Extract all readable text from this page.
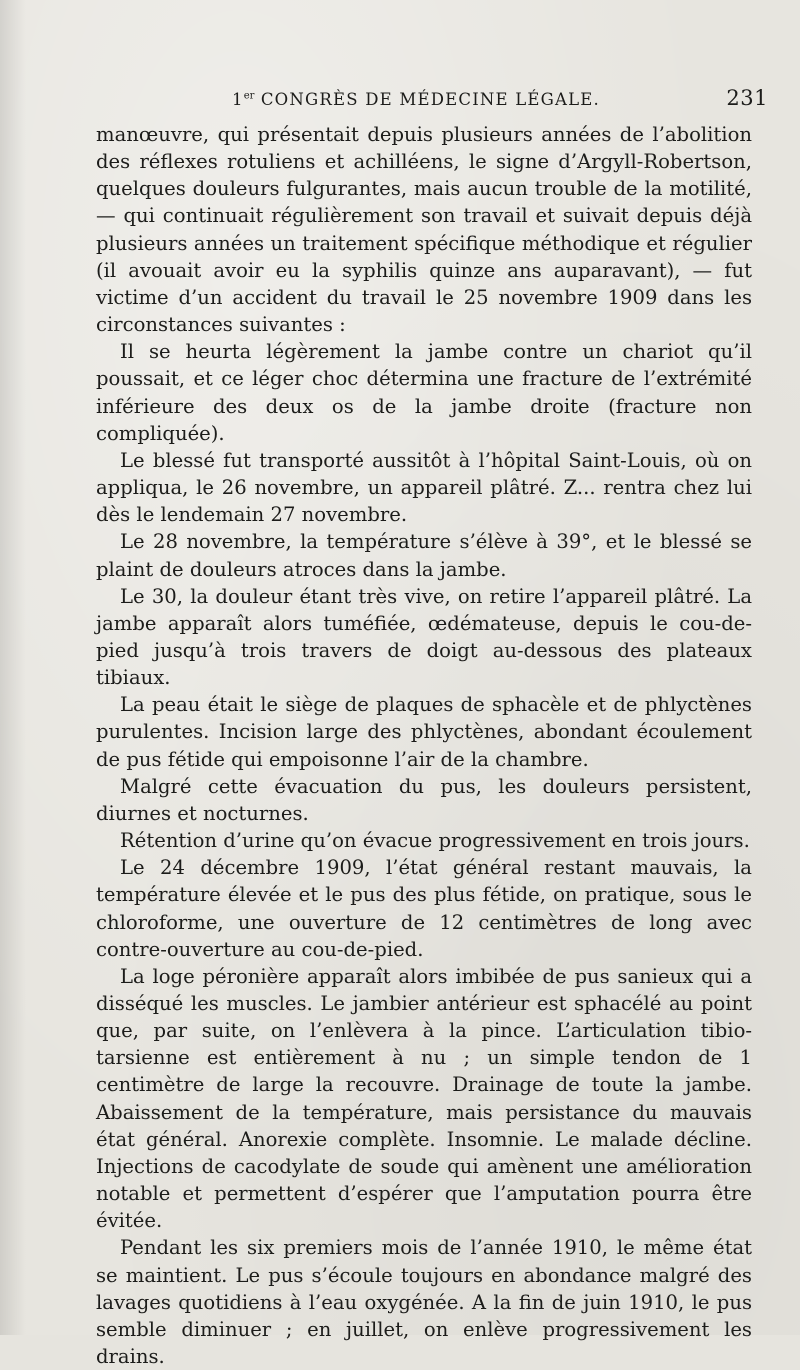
1er CONGRÈS DE MÉDECINE LÉGALE.	231

manœuvre, qui présentait depuis plusieurs années de l’abolition des réflexes rotuliens et achilléens, le signe d’Argyll-Robertson, quelques douleurs fulgurantes, mais aucun trouble de la motilité, — qui continuait régulièrement son travail et suivait depuis déjà plusieurs années un traitement spécifique méthodique et régulier (il avouait avoir eu la syphilis quinze ans auparavant), — fut victime d’un accident du travail le 25 novembre 1909 dans les circonstances suivantes :

Il se heurta légèrement la jambe contre un chariot qu’il poussait, et ce léger choc détermina une fracture de l’extrémité inférieure des deux os de la jambe droite (fracture non compliquée).

Le blessé fut transporté aussitôt à l’hôpital Saint-Louis, où on appliqua, le 26 novembre, un appareil plâtré. Z... rentra chez lui dès le lendemain 27 novembre.

Le 28 novembre, la température s’élève à 39°, et le blessé se plaint de douleurs atroces dans la jambe.

Le 30, la douleur étant très vive, on retire l’appareil plâtré. La jambe apparaît alors tuméfiée, œdémateuse, depuis le cou-de-pied jusqu’à trois travers de doigt au-dessous des plateaux tibiaux.

La peau était le siège de plaques de sphacèle et de phlyctènes purulentes. Incision large des phlyctènes, abondant écoulement de pus fétide qui empoisonne l’air de la chambre.

Malgré cette évacuation du pus, les douleurs persistent, diurnes et nocturnes.

Rétention d’urine qu’on évacue progressivement en trois jours.

Le 24 décembre 1909, l’état général restant mauvais, la température élevée et le pus des plus fétide, on pratique, sous le chloroforme, une ouverture de 12 centimètres de long avec contre-ouverture au cou-de-pied.

La loge péronière apparaît alors imbibée de pus sanieux qui a disséqué les muscles. Le jambier antérieur est sphacélé au point que, par suite, on l’enlèvera à la pince. L’articulation tibio-tarsienne est entièrement à nu ; un simple tendon de 1 centimètre de large la recouvre. Drainage de toute la jambe. Abaissement de la température, mais persistance du mauvais état général. Anorexie complète. Insomnie. Le malade décline. Injections de cacodylate de soude qui amènent une amélioration notable et permettent d’espérer que l’amputation pourra être évitée.

Pendant les six premiers mois de l’année 1910, le même état se maintient. Le pus s’écoule toujours en abondance malgré des lavages quotidiens à l’eau oxygénée. A la fin de juin 1910, le pus semble diminuer ; en juillet, on enlève progressivement les drains.
